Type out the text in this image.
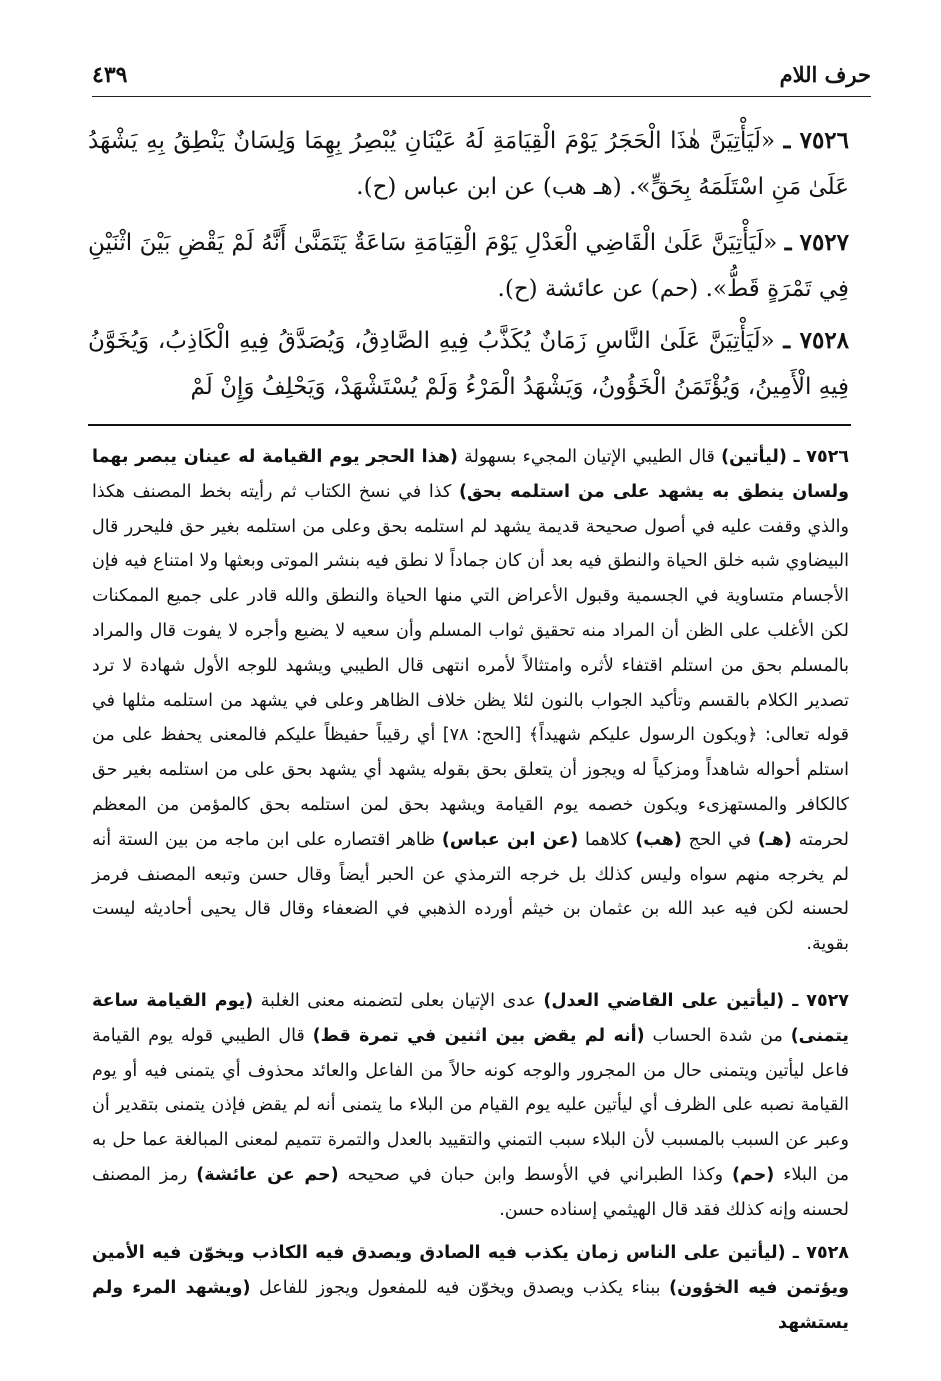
حرف اللام
٤٣٩

٧٥٢٦ ـ «لَيَأْتِيَنَّ هٰذَا الْحَجَرُ يَوْمَ الْقِيَامَةِ لَهُ عَيْنَانِ يُبْصِرُ بِهِمَا وَلِسَانٌ يَنْطِقُ بِهِ يَشْهَدُ عَلَىٰ مَنِ اسْتَلَمَهُ بِحَقٍّ». (هـ هب) عن ابن عباس (ح).

٧٥٢٧ ـ «لَيَأْتِيَنَّ عَلَىٰ الْقَاضِي الْعَدْلِ يَوْمَ الْقِيَامَةِ سَاعَةٌ يَتَمَنَّىٰ أَنَّهُ لَمْ يَقْضِ بَيْنَ اثْنَيْنِ فِي تَمْرَةٍ قَطُّ». (حم) عن عائشة (ح).

٧٥٢٨ ـ «لَيَأْتِيَنَّ عَلَىٰ النَّاسِ زَمَانٌ يُكَذَّبُ فِيهِ الصَّادِقُ، وَيُصَدَّقُ فِيهِ الْكَاذِبُ، وَيُخَوَّنُ فِيهِ الْأَمِينُ، وَيُؤْتَمَنُ الْخَؤُونُ، وَيَشْهَدُ الْمَرْءُ وَلَمْ يُسْتَشْهَدْ، وَيَحْلِفُ وَإِنْ لَمْ

٧٥٢٦ ـ (ليأتين) قال الطيبي الإتيان المجيء بسهولة (هذا الحجر يوم القيامة له عينان يبصر بهما ولسان ينطق به يشهد على من استلمه بحق) كذا في نسخ الكتاب ثم رأيته بخط المصنف هكذا والذي وقفت عليه في أصول صحيحة قديمة يشهد لم استلمه بحق وعلى من استلمه بغير حق فليحرر قال البيضاوي شبه خلق الحياة والنطق فيه بعد أن كان جماداً لا نطق فيه بنشر الموتى وبعثها ولا امتناع فيه فإن الأجسام متساوية في الجسمية وقبول الأعراض التي منها الحياة والنطق والله قادر على جميع الممكنات لكن الأغلب على الظن أن المراد منه تحقيق ثواب المسلم وأن سعيه لا يضيع وأجره لا يفوت قال والمراد بالمسلم بحق من استلم اقتفاء لأثره وامتثالاً لأمره انتهى قال الطيبي ويشهد للوجه الأول شهادة لا ترد تصدير الكلام بالقسم وتأكيد الجواب بالنون لئلا يظن خلاف الظاهر وعلى في يشهد من استلمه مثلها في قوله تعالى: ﴿ويكون الرسول عليكم شهيداً﴾ [الحج: ٧٨] أي رقيباً حفيظاً عليكم فالمعنى يحفظ على من استلم أحواله شاهداً ومزكياً له ويجوز أن يتعلق بحق بقوله يشهد أي يشهد بحق على من استلمه بغير حق كالكافر والمستهزىء ويكون خصمه يوم القيامة ويشهد بحق لمن استلمه بحق كالمؤمن من المعظم لحرمته (هـ) في الحج (هب) كلاهما (عن ابن عباس) ظاهر اقتصاره على ابن ماجه من بين الستة أنه لم يخرجه منهم سواه وليس كذلك بل خرجه الترمذي عن الحبر أيضاً وقال حسن وتبعه المصنف فرمز لحسنه لكن فيه عبد الله بن عثمان بن خيثم أورده الذهبي في الضعفاء وقال قال يحيى أحاديثه ليست بقوية.

٧٥٢٧ ـ (ليأتين على القاضي العدل) عدى الإتيان بعلى لتضمنه معنى الغلبة (يوم القيامة ساعة يتمنى) من شدة الحساب (أنه لم يقض بين اثنين في تمرة قط) قال الطيبي قوله يوم القيامة فاعل ليأتين ويتمنى حال من المجرور والوجه كونه حالاً من الفاعل والعائد محذوف أي يتمنى فيه أو يوم القيامة نصبه على الظرف أي ليأتين عليه يوم القيام من البلاء ما يتمنى أنه لم يقض فإذن يتمنى بتقدير أن وعبر عن السبب بالمسبب لأن البلاء سبب التمني والتقييد بالعدل والتمرة تتميم لمعنى المبالغة عما حل به من البلاء (حم) وكذا الطبراني في الأوسط وابن حبان في صحيحه (حم عن عائشة) رمز المصنف لحسنه وإنه كذلك فقد قال الهيثمي إسناده حسن.

٧٥٢٨ ـ (ليأتين على الناس زمان يكذب فيه الصادق ويصدق فيه الكاذب ويخوّن فيه الأمين ويؤتمن فيه الخؤون) ببناء يكذب ويصدق ويخوّن فيه للمفعول ويجوز للفاعل (ويشهد المرء ولم يستشهد
